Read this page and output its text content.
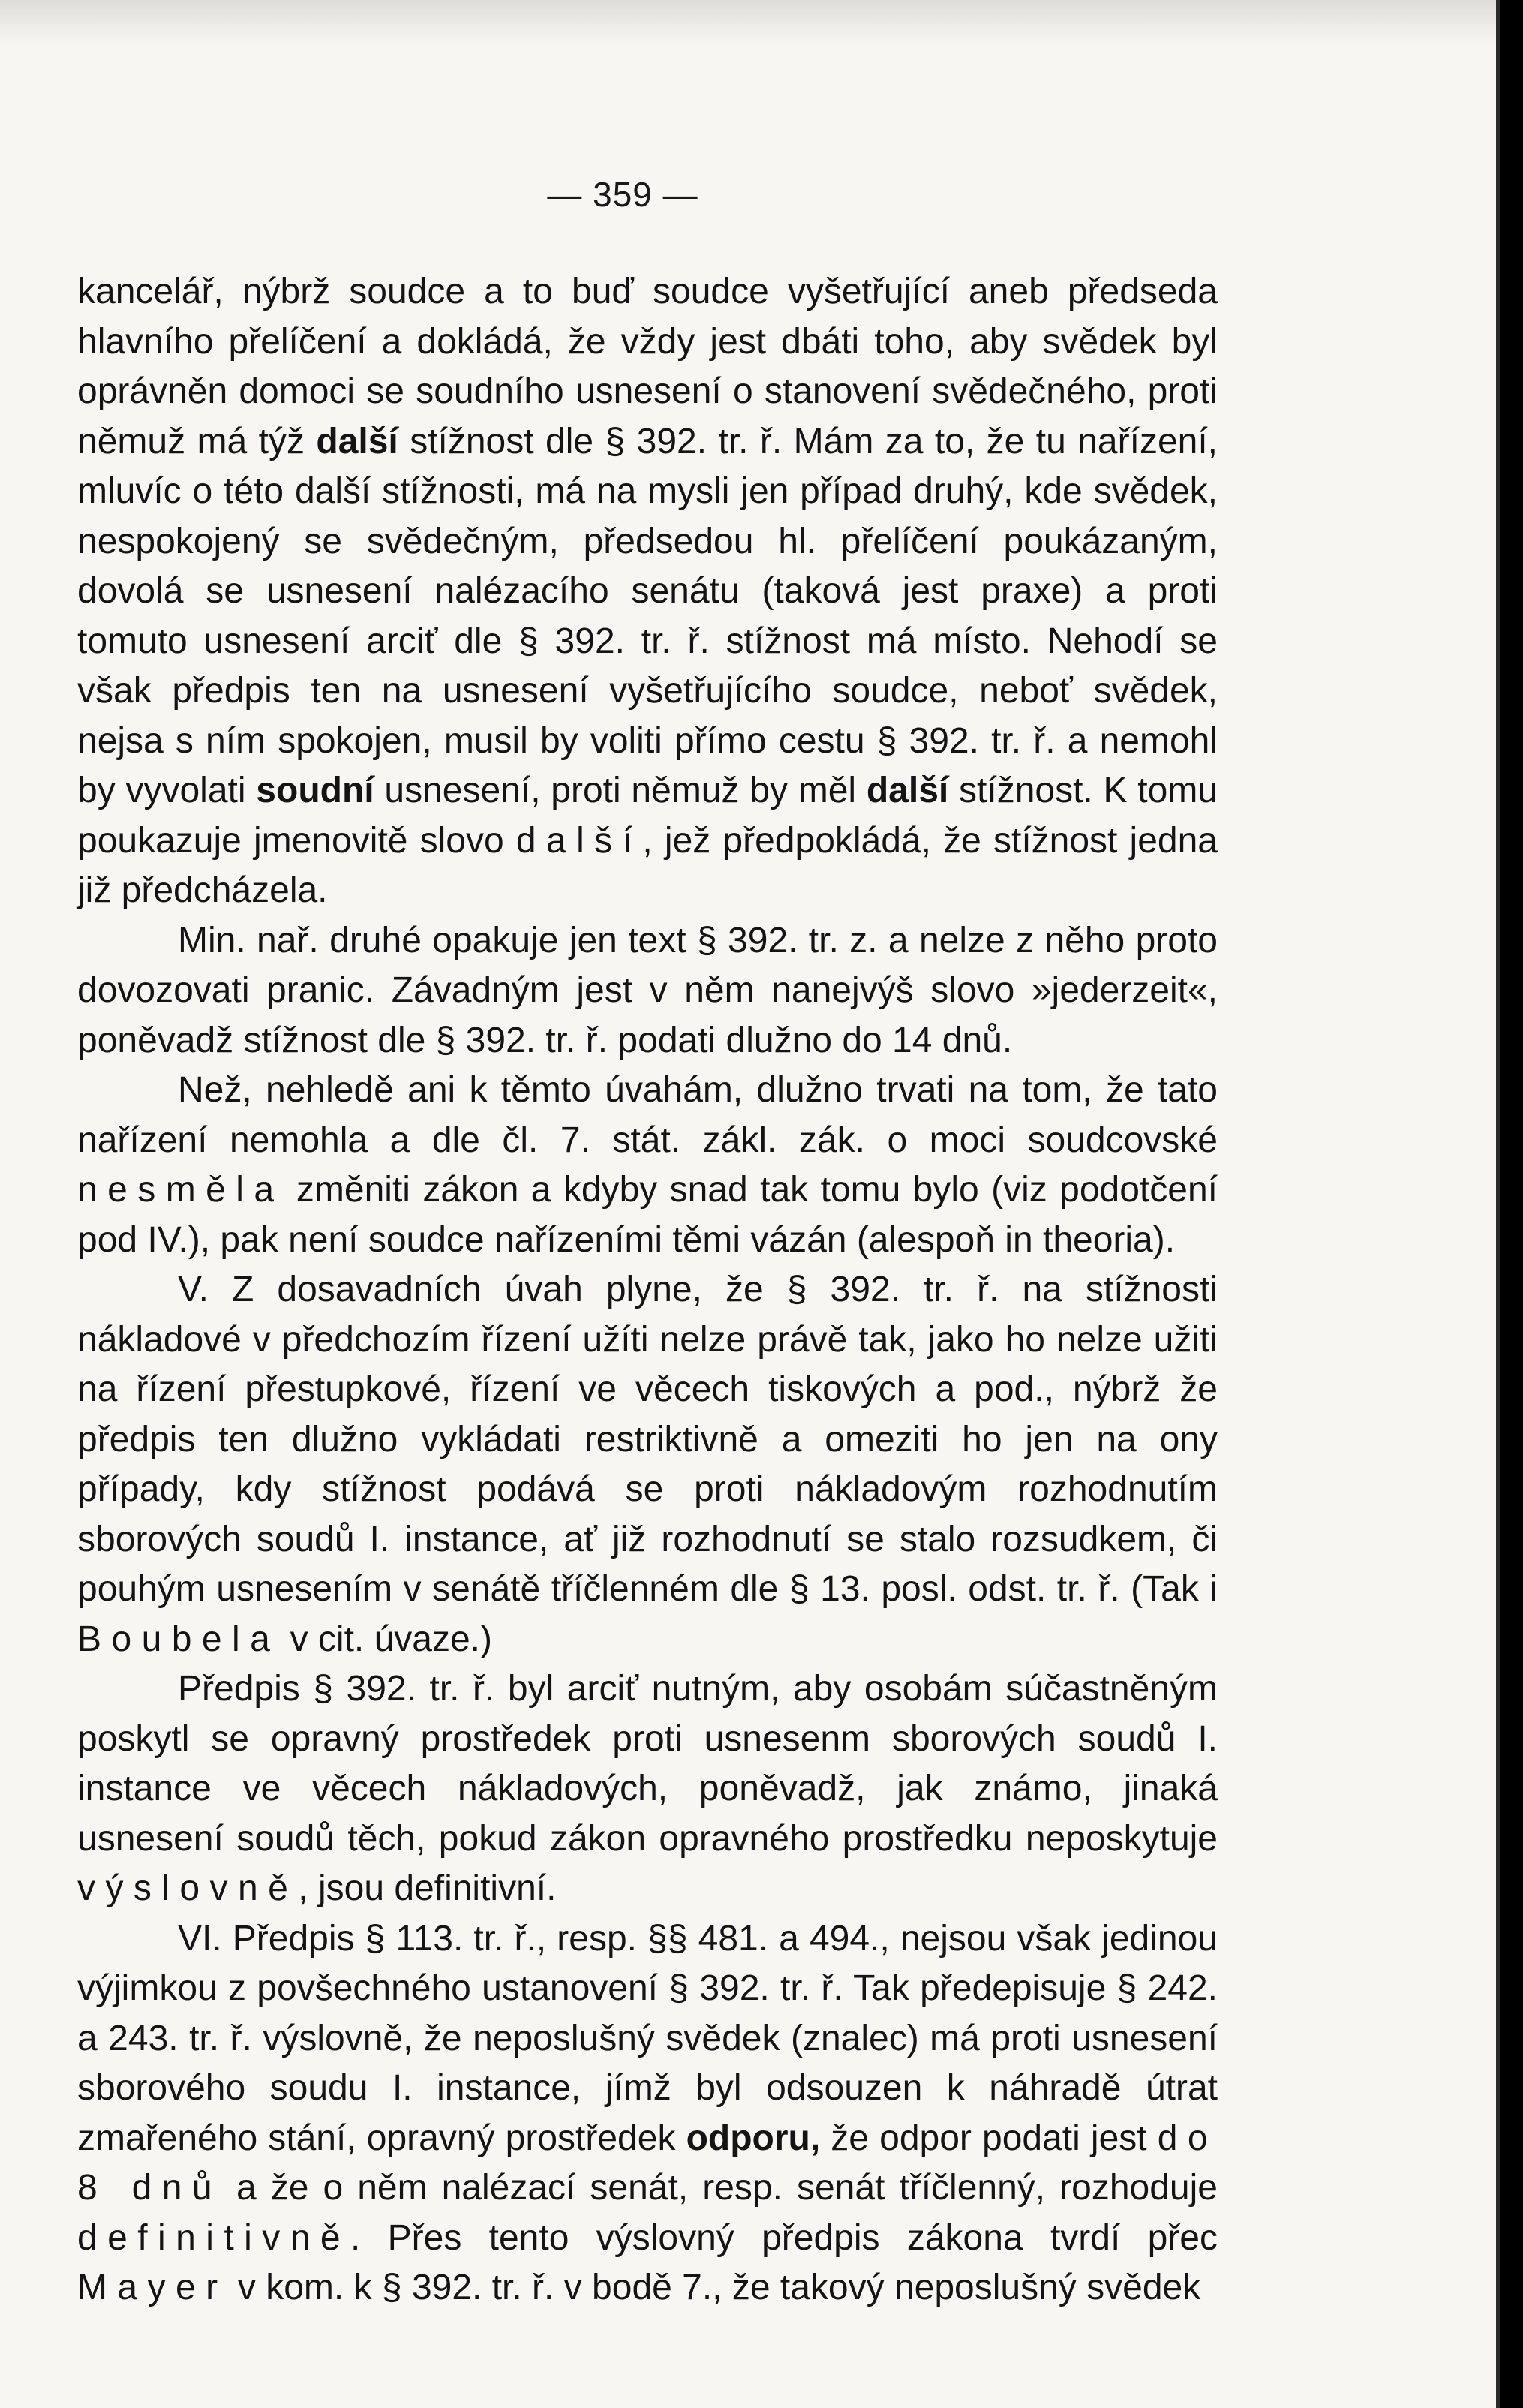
— 359 —

kancelář, nýbrž soudce a to buď soudce vyšetřující aneb předseda hlavního přelíčení a dokládá, že vždy jest dbáti toho, aby svědek byl oprávněn domoci se soudního usnesení o stanovení svědečného, proti němuž má týž další stížnost dle § 392. tr. ř. Mám za to, že tu nařízení, mluvíc o této další stížnosti, má na mysli jen případ druhý, kde svědek, nespokojený se svědečným, předsedou hl. přelíčení poukázaným, dovolá se usnesení nalézacího senátu (taková jest praxe) a proti tomuto usnesení arciť dle § 392. tr. ř. stížnost má místo. Nehodí se však předpis ten na usnesení vyšetřujícího soudce, neboť svědek, nejsa s ním spokojen, musil by voliti přímo cestu § 392. tr. ř. a nemohl by vyvolati soudní usnesení, proti němuž by měl další stížnost. K tomu poukazuje jmenovitě slovo další, jež předpokládá, že stížnost jedna již předcházela.

Min. nař. druhé opakuje jen text § 392. tr. z. a nelze z něho proto dovozovati pranic. Závadným jest v něm nanejvýš slovo »jederzeit«, poněvadž stížnost dle § 392. tr. ř. podati dlužno do 14 dnů.

Než, nehledě ani k těmto úvahám, dlužno trvati na tom, že tato nařízení nemohla a dle čl. 7. stát. zákl. zák. o moci soudcovské nesměla změniti zákon a kdyby snad tak tomu bylo (viz podotčení pod IV.), pak není soudce nařízeními těmi vázán (alespoň in theoria).

V. Z dosavadních úvah plyne, že § 392. tr. ř. na stížnosti nákladové v předchozím řízení užíti nelze právě tak, jako ho nelze užiti na řízení přestupkové, řízení ve věcech tiskových a pod., nýbrž že předpis ten dlužno vykládati restriktivně a omeziti ho jen na ony případy, kdy stížnost podává se proti nákladovým rozhodnutím sborových soudů I. instance, ať již rozhodnutí se stalo rozsudkem, či pouhým usnesením v senátě tříčlenném dle § 13. posl. odst. tr. ř. (Tak i Boubela v cit. úvaze.)

Předpis § 392. tr. ř. byl arciť nutným, aby osobám súčastněným poskytl se opravný prostředek proti usnesenm sborových soudů I. instance ve věcech nákladových, poněvadž, jak známo, jinaká usnesení soudů těch, pokud zákon opravného prostředku neposkytuje výslovně, jsou definitivní.

VI. Předpis § 113. tr. ř., resp. §§ 481. a 494., nejsou však jedinou výjimkou z povšechného ustanovení § 392. tr. ř. Tak předepisuje § 242. a 243. tr. ř. výslovně, že neposlušný svědek (znalec) má proti usnesení sborového soudu I. instance, jímž byl odsouzen k náhradě útrat zmařeného stání, opravný prostředek odporu, že odpor podati jest do 8 dnů a že o něm nalézací senát, resp. senát tříčlenný, rozhoduje definitivně. Přes tento výslovný předpis zákona tvrdí přec Mayer v kom. k § 392. tr. ř. v bodě 7., že takový neposlušný svědek
